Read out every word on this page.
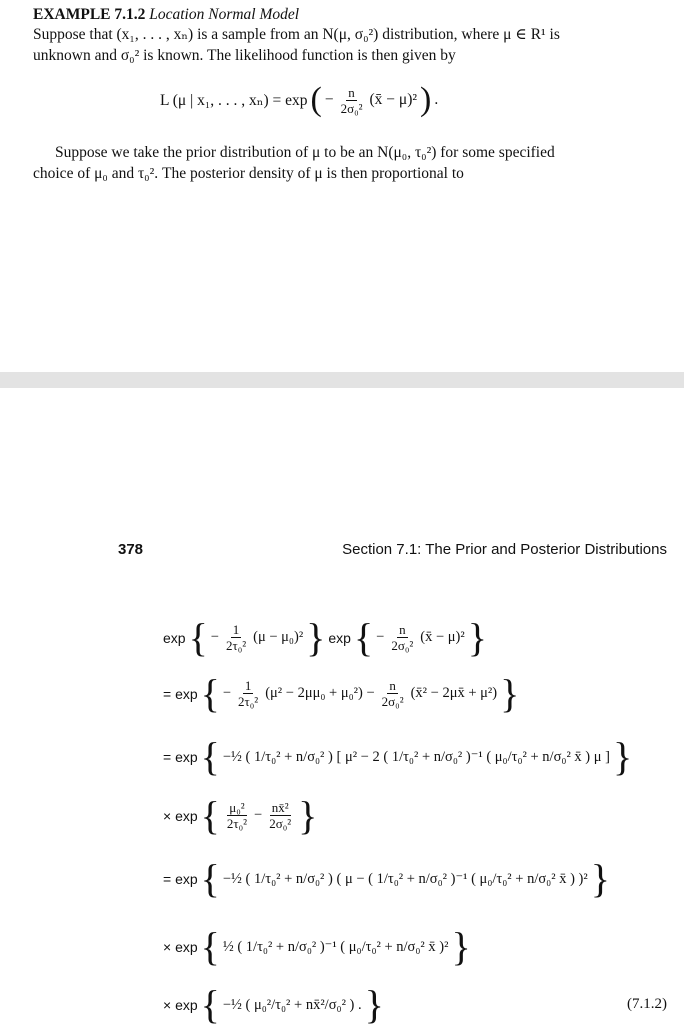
EXAMPLE 7.1.2 Location Normal Model
Suppose that (x₁, . . . , xₙ) is a sample from an N(μ, σ₀²) distribution, where μ ∈ R¹ is
unknown and σ₀² is known. The likelihood function is then given by
L (μ | x₁, . . . , xₙ) = exp ( − $\frac{n}{\text{2σ₀²}}$ (x̄ − μ)² ) .
Suppose we take the prior distribution of μ to be an N(μ₀, τ₀²) for some specified
choice of μ₀ and τ₀². The posterior density of μ is then proportional to
378	Section 7.1: The Prior and Posterior Distributions
exp { − $\frac{1}{\text{2τ₀²}} (\mu - \mu_0)^2$ } exp { − $\frac{n}{\text{2σ₀²}}$ (x̄ − μ)² }
= exp { − $\frac{1}{\text{2τ₀²}} (\mu^2 - 2\mu\mu_0 + \mu_0^2) - \frac{n}{\text{2σ₀²}}$ (x̄² − 2μx̄ + μ²) }
= exp { −½ ( 1/τ₀² + n/σ₀² ) [ μ² − 2 ( 1/τ₀² + n/σ₀² )⁻¹ ( μ₀/τ₀² + n/σ₀² x̄ ) μ ] }
× exp { $\frac{\text{μ₀²}}{\text{2τ₀²}} - \frac{\text{nx̄²}}{\text{2σ₀²}}$ }
= exp { −½ ( 1/τ₀² + n/σ₀² ) ( μ − ( 1/τ₀² + n/σ₀² )⁻¹ ( μ₀/τ₀² + n/σ₀² x̄ ) )² }
× exp { ½ ( 1/τ₀² + n/σ₀² )⁻¹ ( μ₀/τ₀² + n/σ₀² x̄ )² }
× exp { −½ ( μ₀²/τ₀² + nx̄²/σ₀² ) . }	(7.1.2)
